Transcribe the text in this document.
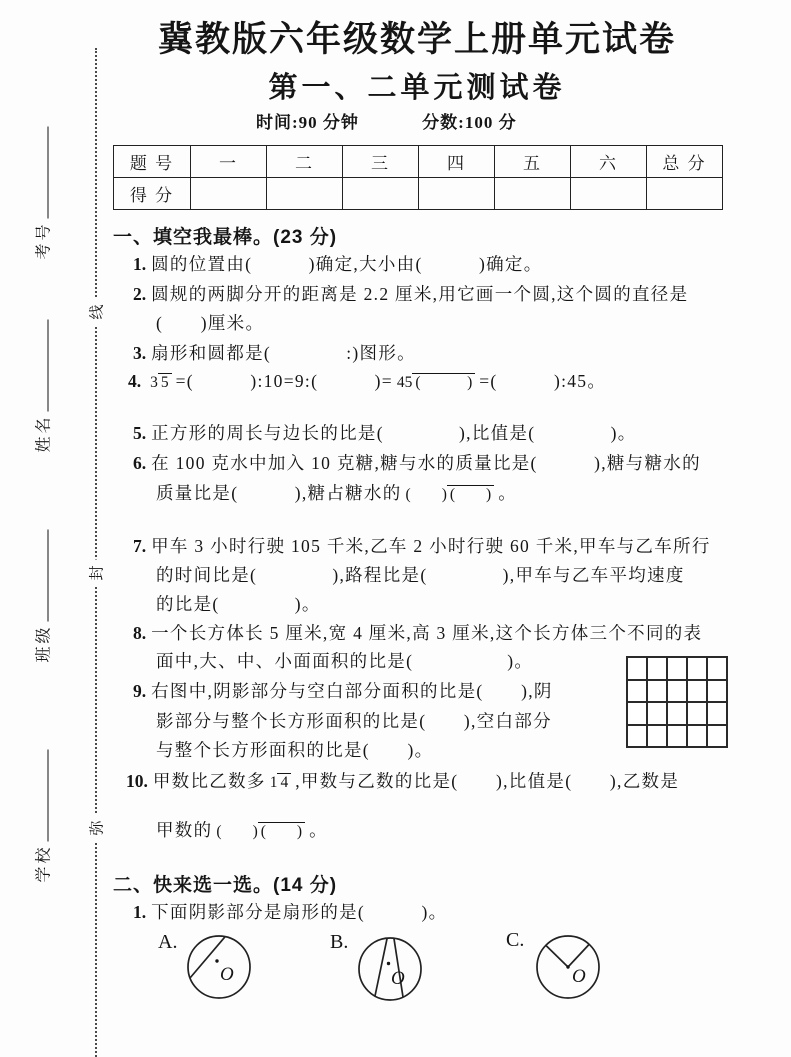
线
封
弥
考号
姓名
班级
学校
冀教版六年级数学上册单元试卷
第一、二单元测试卷
时间:90 分钟	分数:100 分
题 号	一	二	三	四	五	六	总 分
得 分							
一、填空我最棒。(23 分)
1. 圆的位置由(　　　)确定,大小由(　　　)确定。
2. 圆规的两脚分开的距离是 2.2 厘米,用它画一个圆,这个圆的直径是
(　　)厘米。
3. 扇形和圆都是(　　　　:)图形。
4. 3 5 =(　　　):10=9:(　　　)= 45 (　　　) =(　　　):45。
5. 正方形的周长与边长的比是(　　　　),比值是(　　　　)。
6. 在 100 克水中加入 10 克糖,糖与水的质量比是(　　　),糖与糖水的
质量比是(　　　),糖占糖水的 (　　) (　　) 。
7. 甲车 3 小时行驶 105 千米,乙车 2 小时行驶 60 千米,甲车与乙车所行
的时间比是(　　　　),路程比是(　　　　),甲车与乙车平均速度
的比是(　　　　)。
8. 一个长方体长 5 厘米,宽 4 厘米,高 3 厘米,这个长方体三个不同的表
面中,大、中、小面面积的比是(　　　　　)。
9. 右图中,阴影部分与空白部分面积的比是(　　),阴
影部分与整个长方形面积的比是(　　),空白部分
与整个长方形面积的比是(　　)。
10. 甲数比乙数多 1 4 ,甲数与乙数的比是(　　),比值是(　　),乙数是
甲数的 (　　) (　　) 。
二、快来选一选。(14 分)
1. 下面阴影部分是扇形的是(　　　)。
A.	B.	C.
O	O	O
